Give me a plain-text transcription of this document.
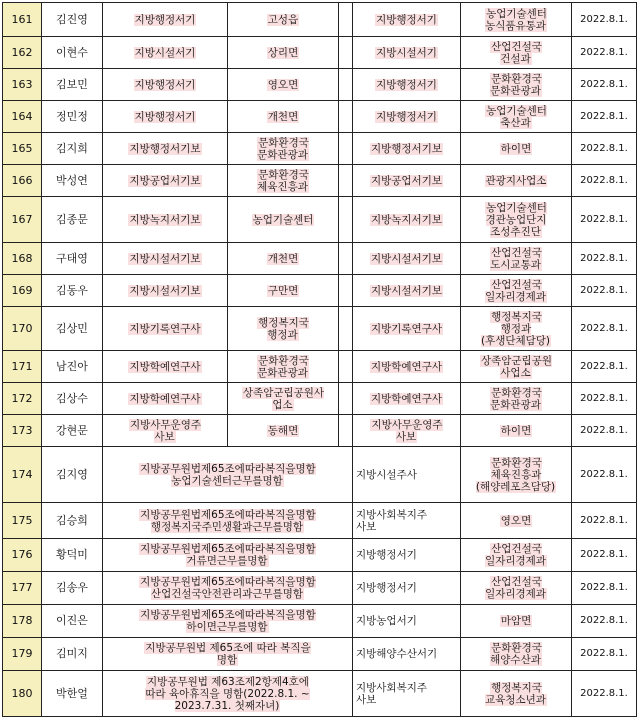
161	김진영	지방행정서기	고성읍		지방행정서기	농업기술센터
농식품유통과	2022.8.1.
162	이현수	지방시설서기	상리면		지방시설서기	산업건설국
건설과	2022.8.1.
163	김보민	지방행정서기	영오면		지방행정서기	문화환경국
문화관광과	2022.8.1.
164	정민정	지방행정서기	개천면		지방행정서기	농업기술센터
축산과	2022.8.1.
165	김지희	지방행정서기보	문화환경국
문화관광과		지방행정서기보	하이면	2022.8.1.
166	박성연	지방공업서기보	문화환경국
체육진흥과		지방공업서기보	관광지사업소	2022.8.1.
167	김종문	지방녹지서기보	농업기술센터		지방녹지서기보	농업기술센터
경관농업단지
조성추진단	2022.8.1.
168	구태영	지방시설서기보	개천면		지방시설서기보	산업건설국
도시교통과	2022.8.1.
169	김동우	지방시설서기보	구만면		지방시설서기보	산업건설국
일자리경제과	2022.8.1.
170	김상민	지방기록연구사	행정복지국
행정과		지방기록연구사	행정복지국
행정과
(후생단체담당)	2022.8.1.
171	남진아	지방학예연구사	문화환경국
문화관광과		지방학예연구사	상족암군립공원
사업소	2022.8.1.
172	김상수	지방학예연구사	상족암군립공원사
업소		지방학예연구사	문화환경국
문화관광과	2022.8.1.
173	강현문	지방사무운영주
사보	동해면		지방사무운영주
사보	하이면	2022.8.1.
174	김지영	지방공무원법제65조에따라복직을명함
농업기술센터근무를명함			지방시설주사	문화환경국
체육진흥과
(해양레포츠담당)	2022.8.1.
175	김승희	지방공무원법제65조에따라복직을명함
행정복지국주민생활과근무를명함			지방사회복지주
사보	영오면	2022.8.1.
176	황덕미	지방공무원법제65조에따라복직을명함
거류면근무를명함			지방행정서기	산업건설국
일자리경제과	2022.8.1.
177	김송우	지방공무원법제65조에따라복직을명함
산업건설국안전관리과근무를명함			지방행정서기	산업건설국
일자리경제과	2022.8.1.
178	이진은	지방공무원법제65조에따라복직을명함
하이면근무를명함			지방농업서기	마암면	2022.8.1.
179	김미지	지방공무원법 제65조에 따라 복직을
명함			지방해양수산서기	문화환경국
해양수산과	2022.8.1.
180	박한얼	지방공무원법 제63조제2항제4호에
따라 육아휴직을 명함(2022.8.1. ~
2023.7.31. 첫째자녀)			지방사회복지주
사보	행정복지국
교육청소년과	2022.8.1.
